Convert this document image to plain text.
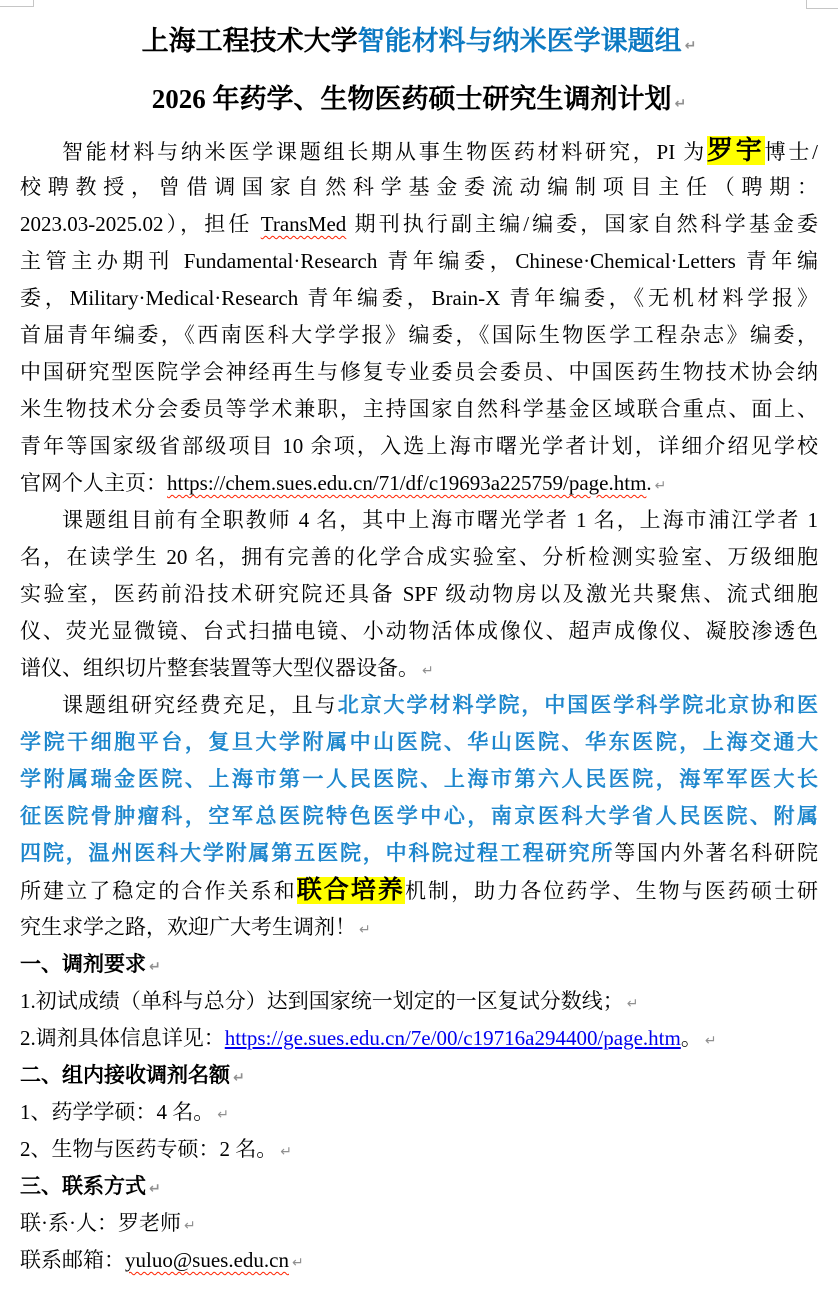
上海工程技术大学智能材料与纳米医学课题组 ↵
2026 年药学、生物医药硕士研究生调剂计划 ↵
智能材料与纳米医学课题组长期从事生物医药材料研究，PI 为罗宇博士/
校聘教授，曾借调国家自然科学基金委流动编制项目主任（聘期：
2023.03-2025.02），担任 TransMed 期刊执行副主编/编委，国家自然科学基金委
主管主办期刊 Fundamental·Research 青年编委，Chinese·Chemical·Letters 青年编
委，Military·Medical·Research 青年编委，Brain-X 青年编委，《无机材料学报》
首届青年编委，《西南医科大学学报》编委，《国际生物医学工程杂志》编委，
中国研究型医院学会神经再生与修复专业委员会委员、中国医药生物技术协会纳
米生物技术分会委员等学术兼职，主持国家自然科学基金区域联合重点、面上、
青年等国家级省部级项目 10 余项，入选上海市曙光学者计划，详细介绍见学校
官网个人主页：https://chem.sues.edu.cn/71/df/c19693a225759/page.htm. ↵
课题组目前有全职教师 4 名，其中上海市曙光学者 1 名，上海市浦江学者 1
名，在读学生 20 名，拥有完善的化学合成实验室、分析检测实验室、万级细胞
实验室，医药前沿技术研究院还具备 SPF 级动物房以及激光共聚焦、流式细胞
仪、荧光显微镜、台式扫描电镜、小动物活体成像仪、超声成像仪、凝胶渗透色
谱仪、组织切片整套装置等大型仪器设备。 ↵
课题组研究经费充足，且与北京大学材料学院，中国医学科学院北京协和医
学院干细胞平台，复旦大学附属中山医院、华山医院、华东医院，上海交通大
学附属瑞金医院、上海市第一人民医院、上海市第六人民医院，海军军医大长
征医院骨肿瘤科，空军总医院特色医学中心，南京医科大学省人民医院、附属
四院，温州医科大学附属第五医院，中科院过程工程研究所等国内外著名科研院
所建立了稳定的合作关系和联合培养机制，助力各位药学、生物与医药硕士研
究生求学之路，欢迎广大考生调剂！ ↵
一、调剂要求 ↵
1.初试成绩（单科与总分）达到国家统一划定的一区复试分数线； ↵
2.调剂具体信息详见：https://ge.sues.edu.cn/7e/00/c19716a294400/page.htm。 ↵
二、组内接收调剂名额 ↵
1、药学学硕：4 名。 ↵
2、生物与医药专硕：2 名。 ↵
三、联系方式 ↵
联·系·人：罗老师 ↵
联系邮箱：yuluo@sues.edu.cn ↵
